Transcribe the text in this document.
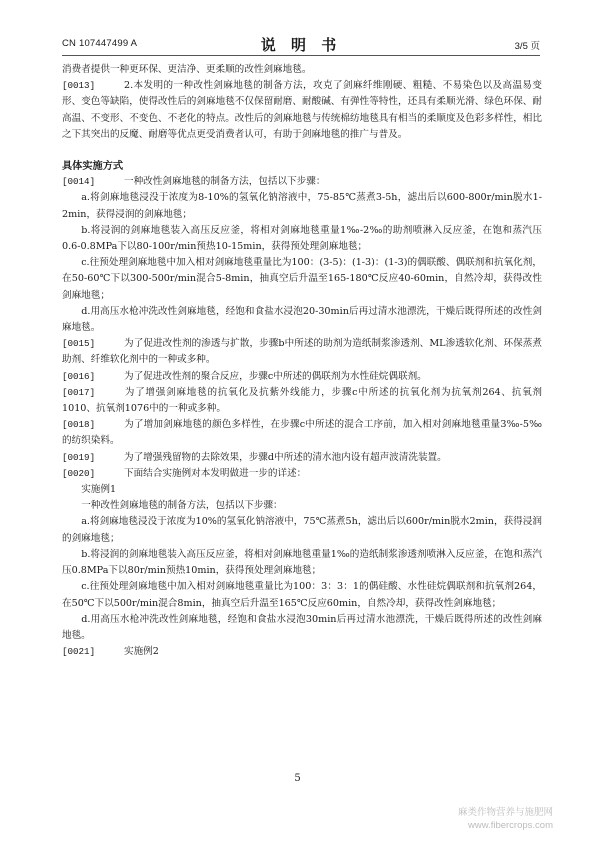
CN 107447499 A	说 明 书	3/5 页

消费者提供一种更环保、更洁净、更柔顺的改性剑麻地毯。

[0013]	2.本发明的一种改性剑麻地毯的制备方法，攻克了剑麻纤维刚硬、粗糙、不易染色以及高温易变形、变色等缺陷，使得改性后的剑麻地毯不仅保留耐磨、耐酸碱、有弹性等特性，还具有柔顺光滑、绿色环保、耐高温、不变形、不变色、不老化的特点。改性后的剑麻地毯与传统棉纺地毯具有相当的柔顺度及色彩多样性，相比之下其突出的反魔、耐磨等优点更受消费者认可，有助于剑麻地毯的推广与普及。

具体实施方式

[0014]	一种改性剑麻地毯的制备方法，包括以下步骤：

a.将剑麻地毯浸没于浓度为8-10%的氢氧化钠溶液中，75-85℃蒸煮3-5h，滤出后以600-800r/min脱水1-2min，获得浸润的剑麻地毯；

b.将浸润的剑麻地毯装入高压反应釜，将相对剑麻地毯重量1‰-2‰的助剂喷淋入反应釜，在饱和蒸汽压0.6-0.8MPa下以80-100r/min预热10-15min，获得预处理剑麻地毯；

c.往预处理剑麻地毯中加入相对剑麻地毯重量比为100：(3-5)：(1-3)：(1-3)的偶联酸、偶联剂和抗氧化剂，在50-60℃下以300-500r/min混合5-8min，抽真空后升温至165-180℃反应40-60min，自然冷却，获得改性剑麻地毯；

d.用高压水枪冲洗改性剑麻地毯，经饱和食盐水浸泡20-30min后再过清水池漂洗，干燥后既得所述的改性剑麻地毯。

[0015]	为了促进改性剂的渗透与扩散，步骤b中所述的助剂为造纸制浆渗透剂、ML渗透软化剂、环保蒸煮助剂、纤维软化剂中的一种或多种。

[0016]	为了促进改性剂的聚合反应，步骤c中所述的偶联剂为水性硅烷偶联剂。

[0017]	为了增强剑麻地毯的抗氧化及抗紫外线能力，步骤c中所述的抗氧化剂为抗氧剂264、抗氧剂1010、抗氧剂1076中的一种或多种。

[0018]	为了增加剑麻地毯的颜色多样性，在步骤c中所述的混合工序前，加入相对剑麻地毯重量3‰-5‰的纺织染料。

[0019]	为了增强残留物的去除效果，步骤d中所述的清水池内设有超声波清洗装置。

[0020]	下面结合实施例对本发明做进一步的详述：

实施例1

一种改性剑麻地毯的制备方法，包括以下步骤：

a.将剑麻地毯浸没于浓度为10%的氢氧化钠溶液中，75℃蒸煮5h，滤出后以600r/min脱水2min，获得浸润的剑麻地毯；

b.将浸润的剑麻地毯装入高压反应釜，将相对剑麻地毯重量1‰的造纸制浆渗透剂喷淋入反应釜，在饱和蒸汽压0.8MPa下以80r/min预热10min，获得预处理剑麻地毯；

c.往预处理剑麻地毯中加入相对剑麻地毯重量比为100：3：3：1的偶硅酸、水性硅烷偶联剂和抗氧剂264，在50℃下以500r/min混合8min，抽真空后升温至165℃反应60min，自然冷却，获得改性剑麻地毯；

d.用高压水枪冲洗改性剑麻地毯，经饱和食盐水浸泡30min后再过清水池漂洗，干燥后既得所述的改性剑麻地毯。

[0021]	实施例2

5
麻类作物营养与施肥网
www.fibercrops.com
